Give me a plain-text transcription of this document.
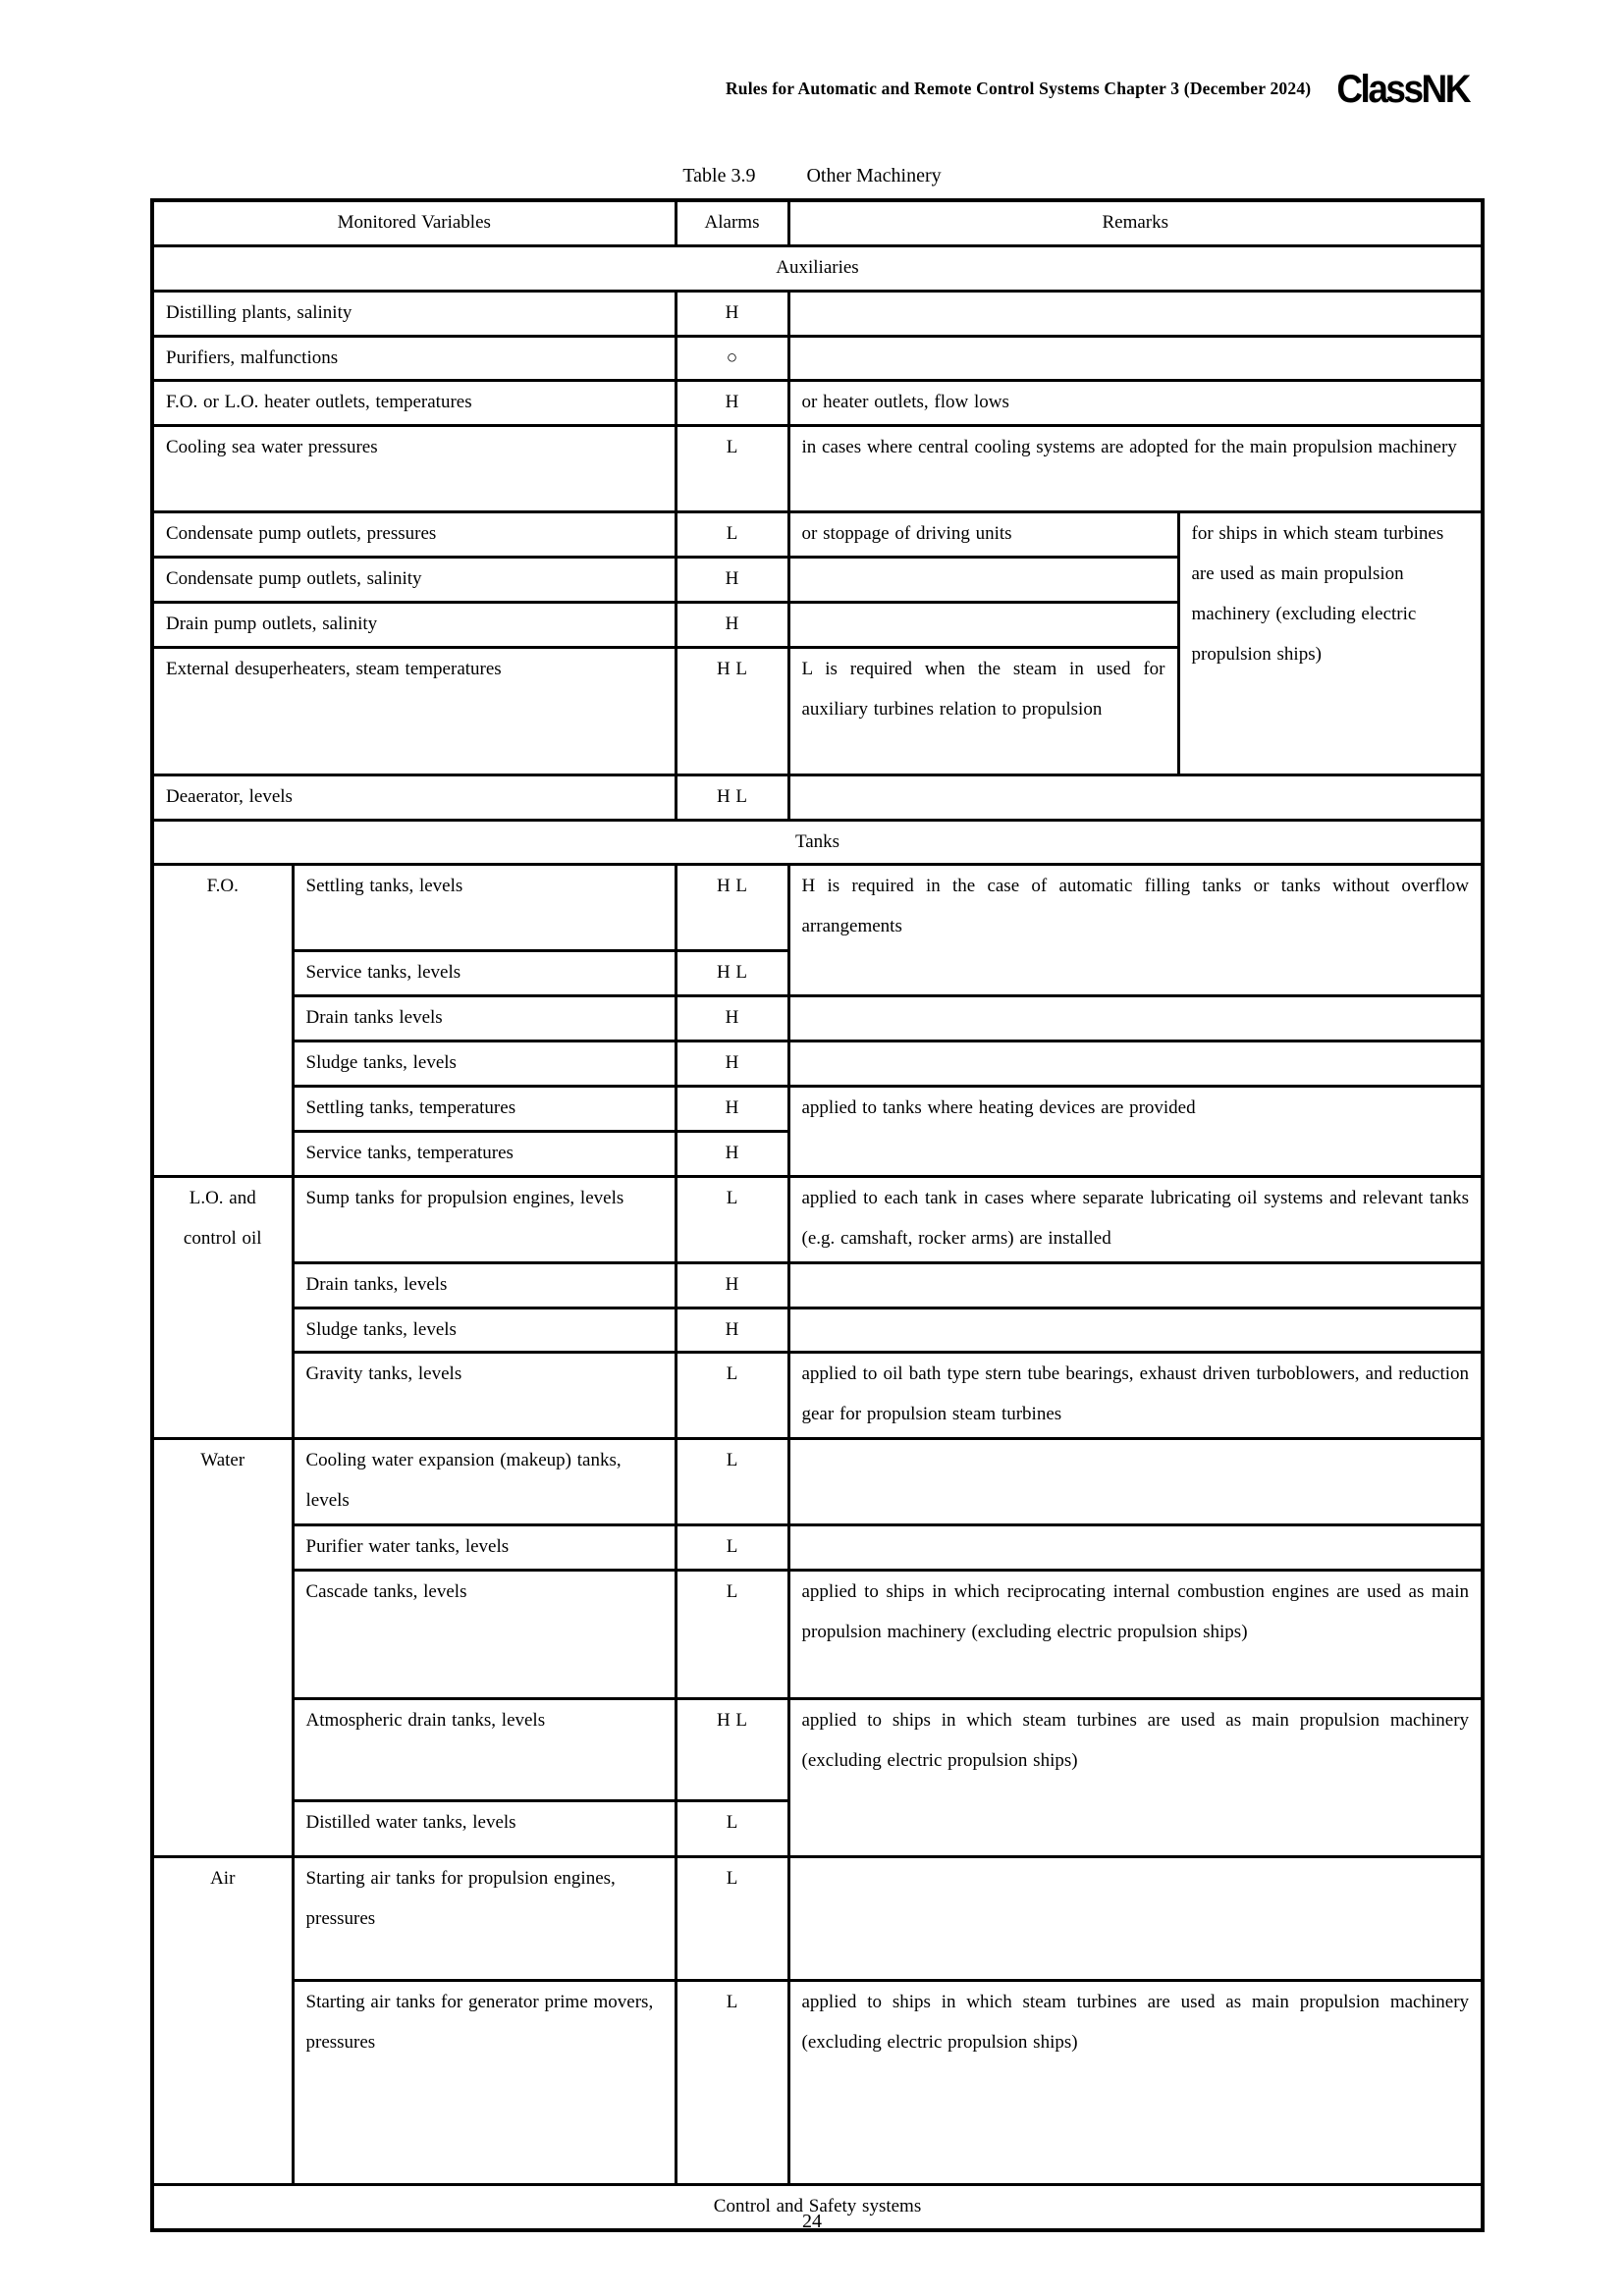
Rules for Automatic and Remote Control Systems Chapter 3 (December 2024) ClassNK
Table 3.9	Other Machinery
Monitored Variables		Alarms	Remarks	
Auxiliaries				
Distilling plants, salinity		H		
Purifiers, malfunctions		○		
F.O. or L.O. heater outlets, temperatures		H	or heater outlets, flow lows	
Cooling sea water pressures		L	in cases where central cooling systems are adopted for the main propulsion machinery	
Condensate pump outlets, pressures		L	or stoppage of driving units	for ships in which steam turbines are used as main propulsion machinery (excluding electric propulsion ships)
Condensate pump outlets, salinity		H		
Drain pump outlets, salinity		H		
External desuperheaters, steam temperatures		H L	L is required when the steam in used for auxiliary turbines relation to propulsion	
Deaerator, levels		H L		
Tanks				
F.O.	Settling tanks, levels	H L	H is required in the case of automatic filling tanks or tanks without overflow arrangements	
	Service tanks, levels	H L		
	Drain tanks levels	H		
	Sludge tanks, levels	H		
	Settling tanks, temperatures	H	applied to tanks where heating devices are provided	
	Service tanks, temperatures	H		
L.O. and control oil	Sump tanks for propulsion engines, levels	L	applied to each tank in cases where separate lubricating oil systems and relevant tanks (e.g. camshaft, rocker arms) are installed	
	Drain tanks, levels	H		
	Sludge tanks, levels	H		
	Gravity tanks, levels	L	applied to oil bath type stern tube bearings, exhaust driven turboblowers, and reduction gear for propulsion steam turbines	
Water	Cooling water expansion (makeup) tanks, levels	L		
	Purifier water tanks, levels	L		
	Cascade tanks, levels	L	applied to ships in which reciprocating internal combustion engines are used as main propulsion machinery (excluding electric propulsion ships)	
	Atmospheric drain tanks, levels	H L	applied to ships in which steam turbines are used as main propulsion machinery (excluding electric propulsion ships)	
	Distilled water tanks, levels	L		
Air	Starting air tanks for propulsion engines, pressures	L		
	Starting air tanks for generator prime movers, pressures	L	applied to ships in which steam turbines are used as main propulsion machinery (excluding electric propulsion ships)	
Control and Safety systems				
24
